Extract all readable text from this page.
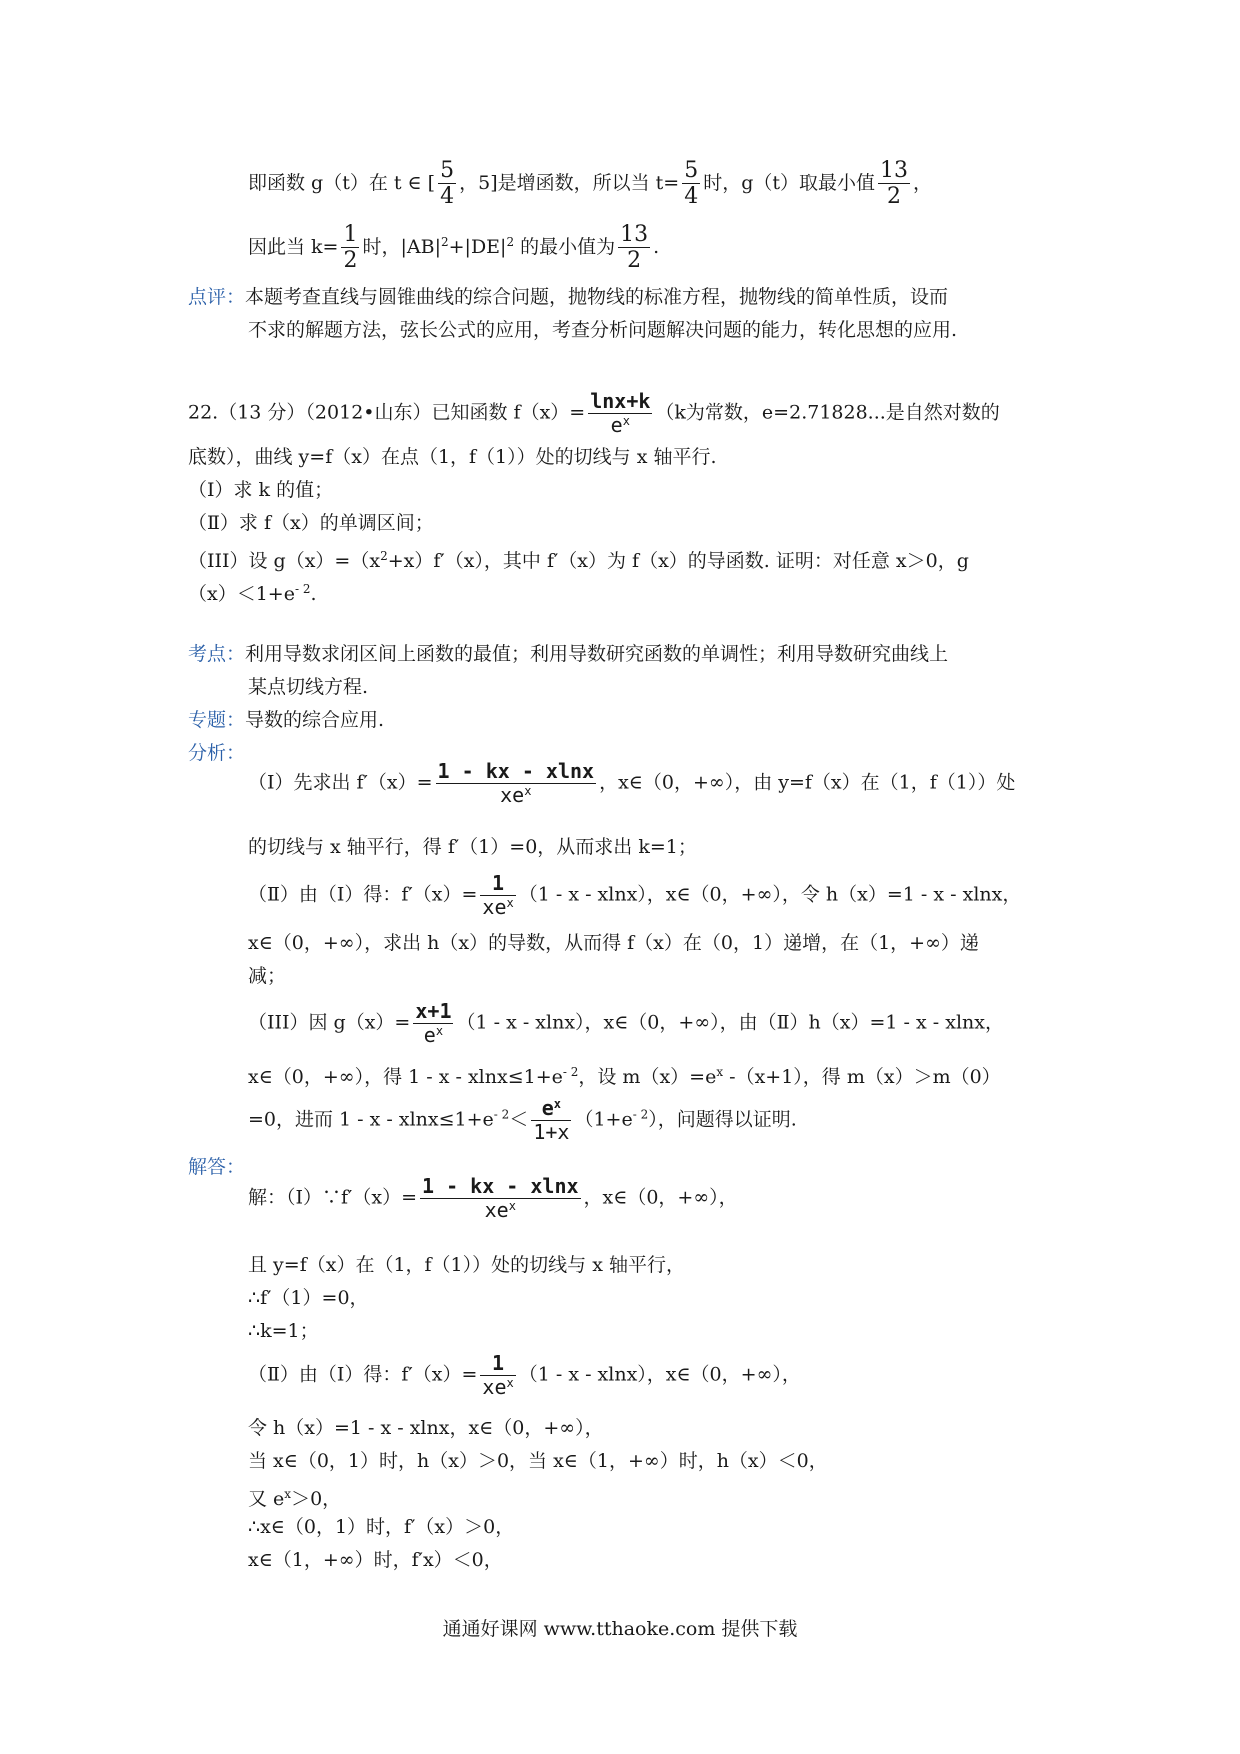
即函数 g（t）在 t ∈ [ $\frac{5}{4}$ ，5]是增函数，所以当 $t= \frac{5}{4}$ 时，g（t）取最小值 $\frac{13}{2}$ ，
因此当 $k= \frac{1}{2}$ 时，$|AB|^2+|DE|^2$ 的最小值为 $\frac{13}{2}$ .
点评：本题考查直线与圆锥曲线的综合问题，抛物线的标准方程，抛物线的简单性质，设而
不求的解题方法，弦长公式的应用，考查分析问题解决问题的能力，转化思想的应用.
22.（13 分）（2012•山东）已知函数 $f(x)= \frac{\ln x+k}{e^x} (k$为常数，e=2.71828...是自然对数的
底数），曲线 y=f（x）在点（1，f（1））处的切线与 x 轴平行.
（Ⅰ）求 k 的值；
（Ⅱ）求 f（x）的单调区间；
（III）设 $g(x)=(x^2+x)f'(x)$，其中 f′（x）为 f（x）的导函数. 证明：对任意 x＞0，g
$(x)<1+e^{- 2}$.
考点：利用导数求闭区间上函数的最值；利用导数研究函数的单调性；利用导数研究曲线上
某点切线方程.
专题：导数的综合应用.
分析：
（Ⅰ）先求出 $f'(x)= \frac{1 - kx - xlnx}{xe^x}$ ，x∈（0，+∞），由 y=f（x）在（1，f（1））处
的切线与 x 轴平行，得 f′（1）=0，从而求出 k=1；
（Ⅱ）由（Ⅰ）得：$f'(x)= \frac{1}{xe^x} (1 - x - xlnx)$，x∈（0，+∞），令 h（x）=1 - x - xlnx，
x∈（0，+∞），求出 h（x）的导数，从而得 f（x）在（0，1）递增，在（1，+∞）递
减；
（III）因 $g(x)= \frac{x+1}{e^x} (1 - x - xlnx)$，x∈（0，+∞），由（Ⅱ）h（x）=1 - x - xlnx，
x∈（0，+∞），得 $1 - x - xlnx\le 1+e^{- 2}$，设 $m(x)=e^x$ -（x+1），得 m（x）＞m（0）
=0，进而 $1 - x - xlnx\le 1+e^{- 2}< \frac{e^x}{1+x} (1+e^{- 2})$，问题得以证明.
解答：
解：（Ⅰ）∵f′（x）= $\frac{1 - kx - xlnx}{xe^x}$ ，x∈（0，+∞），
且 y=f（x）在（1，f（1））处的切线与 x 轴平行，
∴f′（1）=0，
∴k=1；
（Ⅱ）由（Ⅰ）得：$f'(x)= \frac{1}{xe^x} (1 - x - xlnx)$，x∈（0，+∞），
令 h（x）=1 - x - xlnx，x∈（0，+∞），
当 x∈（0，1）时，h（x）＞0，当 x∈（1，+∞）时，h（x）＜0，
又 $e^x>0$，
∴x∈（0，1）时，f′（x）＞0，
x∈（1，+∞）时，f′x）＜0，
通通好课网 www.tthaoke.com 提供下载
